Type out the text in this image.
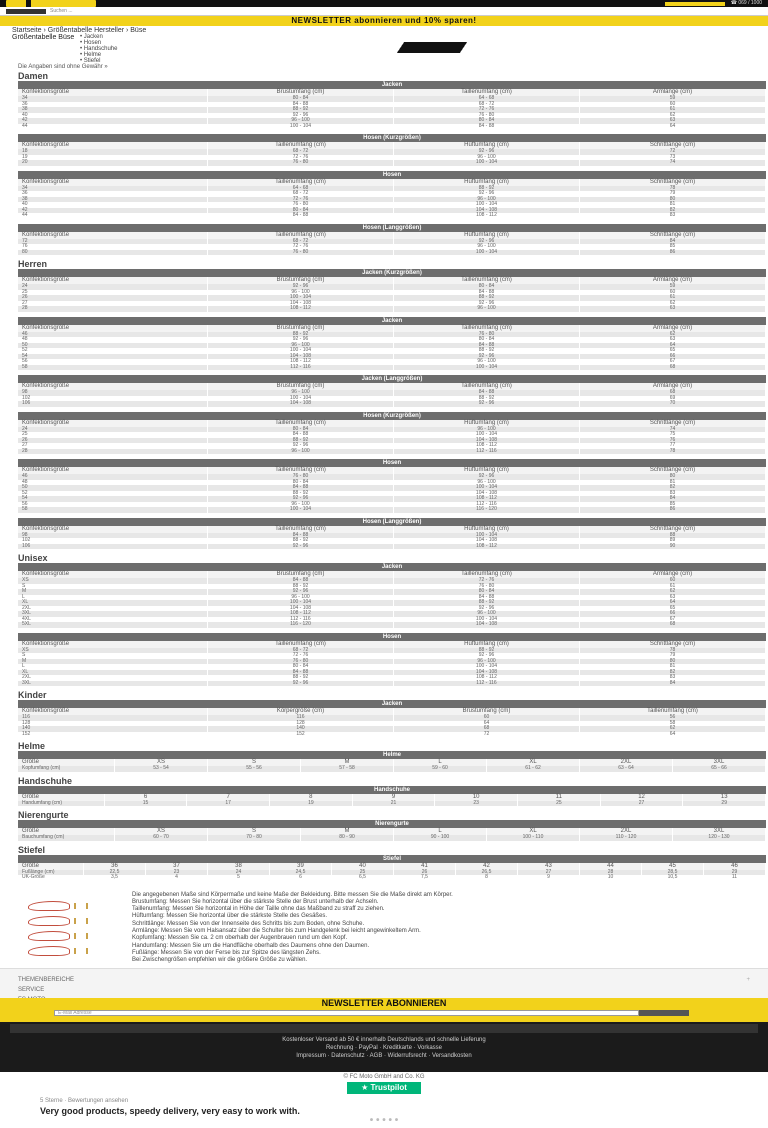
☎ 069 / 1000
Suchen ...
NEWSLETTER abonnieren und 10% sparen!
Startseite › Größentabelle Hersteller › Büse
Größentabelle Büse • Jacken
• Hosen
• Handschuhe
• Helme
• Stiefel
Die Angaben sind ohne Gewähr »
Damen
Jacken
Konfektionsgröße	Brustumfang (cm)	Taillenumfang (cm)	Armlänge (cm)
34	80 - 84	64 - 68	59
36	84 - 88	68 - 72	60
38	88 - 92	72 - 76	61
40	92 - 96	76 - 80	62
42	96 - 100	80 - 84	63
44	100 - 104	84 - 88	64
Hosen (Kurzgrößen)
Konfektionsgröße	Taillenumfang (cm)	Hüftumfang (cm)	Schrittlänge (cm)
18	68 - 72	92 - 96	72
19	72 - 76	96 - 100	73
20	76 - 80	100 - 104	74
Hosen
Konfektionsgröße	Taillenumfang (cm)	Hüftumfang (cm)	Schrittlänge (cm)
34	64 - 68	88 - 92	78
36	68 - 72	92 - 96	79
38	72 - 76	96 - 100	80
40	76 - 80	100 - 104	81
42	80 - 84	104 - 108	82
44	84 - 88	108 - 112	83
Hosen (Langgrößen)
Konfektionsgröße	Taillenumfang (cm)	Hüftumfang (cm)	Schrittlänge (cm)
72	68 - 72	92 - 96	84
76	72 - 76	96 - 100	85
80	76 - 80	100 - 104	86
Herren
Jacken (Kurzgrößen)
Konfektionsgröße	Brustumfang (cm)	Taillenumfang (cm)	Armlänge (cm)
24	92 - 96	80 - 84	59
25	96 - 100	84 - 88	60
26	100 - 104	88 - 92	61
27	104 - 108	92 - 96	62
28	108 - 112	96 - 100	63
Jacken
Konfektionsgröße	Brustumfang (cm)	Taillenumfang (cm)	Armlänge (cm)
46	88 - 92	76 - 80	62
48	92 - 96	80 - 84	63
50	96 - 100	84 - 88	64
52	100 - 104	88 - 92	65
54	104 - 108	92 - 96	66
56	108 - 112	96 - 100	67
58	112 - 116	100 - 104	68
Jacken (Langgrößen)
Konfektionsgröße	Brustumfang (cm)	Taillenumfang (cm)	Armlänge (cm)
98	96 - 100	84 - 88	68
102	100 - 104	88 - 92	69
106	104 - 108	92 - 96	70
Hosen (Kurzgrößen)
Konfektionsgröße	Taillenumfang (cm)	Hüftumfang (cm)	Schrittlänge (cm)
24	80 - 84	96 - 100	74
25	84 - 88	100 - 104	75
26	88 - 92	104 - 108	76
27	92 - 96	108 - 112	77
28	96 - 100	112 - 116	78
Hosen
Konfektionsgröße	Taillenumfang (cm)	Hüftumfang (cm)	Schrittlänge (cm)
46	76 - 80	92 - 96	80
48	80 - 84	96 - 100	81
50	84 - 88	100 - 104	82
52	88 - 92	104 - 108	83
54	92 - 96	108 - 112	84
56	96 - 100	112 - 116	85
58	100 - 104	116 - 120	86
Hosen (Langgrößen)
Konfektionsgröße	Taillenumfang (cm)	Hüftumfang (cm)	Schrittlänge (cm)
98	84 - 88	100 - 104	88
102	88 - 92	104 - 108	89
106	92 - 96	108 - 112	90
Unisex
Jacken
Konfektionsgröße	Brustumfang (cm)	Taillenumfang (cm)	Armlänge (cm)
XS	84 - 88	72 - 76	60
S	88 - 92	76 - 80	61
M	92 - 96	80 - 84	62
L	96 - 100	84 - 88	63
XL	100 - 104	88 - 92	64
2XL	104 - 108	92 - 96	65
3XL	108 - 112	96 - 100	66
4XL	112 - 116	100 - 104	67
5XL	116 - 120	104 - 108	68
Hosen
Konfektionsgröße	Taillenumfang (cm)	Hüftumfang (cm)	Schrittlänge (cm)
XS	68 - 72	88 - 92	78
S	72 - 76	92 - 96	79
M	76 - 80	96 - 100	80
L	80 - 84	100 - 104	81
XL	84 - 88	104 - 108	82
2XL	88 - 92	108 - 112	83
3XL	92 - 96	112 - 116	84
Kinder
Jacken
Konfektionsgröße	Körpergröße (cm)	Brustumfang (cm)	Taillenumfang (cm)
116	116	60	56
128	128	64	58
140	140	68	62
152	152	72	64
Helme
Helme
Größe	XS	S	M	L	XL	2XL	3XL
Kopfumfang (cm)	53 - 54	55 - 56	57 - 58	59 - 60	61 - 62	63 - 64	65 - 66
Handschuhe
Handschuhe
Größe	6	7	8	9	10	11	12	13
Handumfang (cm)	15	17	19	21	23	25	27	29
Nierengurte
Nierengurte
Größe	XS	S	M	L	XL	2XL	3XL
Bauchumfang (cm)	60 - 70	70 - 80	80 - 90	90 - 100	100 - 110	110 - 120	120 - 130
Stiefel
Stiefel
Größe	36	37	38	39	40	41	42	43	44	45	46
Fußlänge (cm)	22,5	23	24	24,5	25	26	26,5	27	28	28,5	29
UK-Größe	3,5	4	5	6	6,5	7,5	8	9	10	10,5	11
Die angegebenen Maße sind Körpermaße und keine Maße der Bekleidung. Bitte messen Sie die Maße direkt am Körper.
Brustumfang: Messen Sie horizontal über die stärkste Stelle der Brust unterhalb der Achseln.
Taillenumfang: Messen Sie horizontal in Höhe der Taille ohne das Maßband zu straff zu ziehen.
Hüftumfang: Messen Sie horizontal über die stärkste Stelle des Gesäßes.
Schrittlänge: Messen Sie von der Innenseite des Schritts bis zum Boden, ohne Schuhe.
Armlänge: Messen Sie vom Halsansatz über die Schulter bis zum Handgelenk bei leicht angewinkeltem Arm.
Kopfumfang: Messen Sie ca. 2 cm oberhalb der Augenbrauen rund um den Kopf.
Handumfang: Messen Sie um die Handfläche oberhalb des Daumens ohne den Daumen.
Fußlänge: Messen Sie von der Ferse bis zur Spitze des längsten Zehs.
Bei Zwischengrößen empfehlen wir die größere Größe zu wählen.
THEMENBEREICHE	+
SERVICE
NEWSLETTER ABONNIEREN
E-Mail Adresse
Kostenloser Versand ab 50 € innerhalb Deutschlands und schnelle Lieferung
Rechnung · PayPal · Kreditkarte · Vorkasse
Impressum · Datenschutz · AGB · Widerrufsrecht · Versandkosten
© FC Moto GmbH and Co. KG
★ Trustpilot
5 Sterne · Bewertungen ansehen
Very good products, speedy delivery, very easy to work with.
• • • • •
